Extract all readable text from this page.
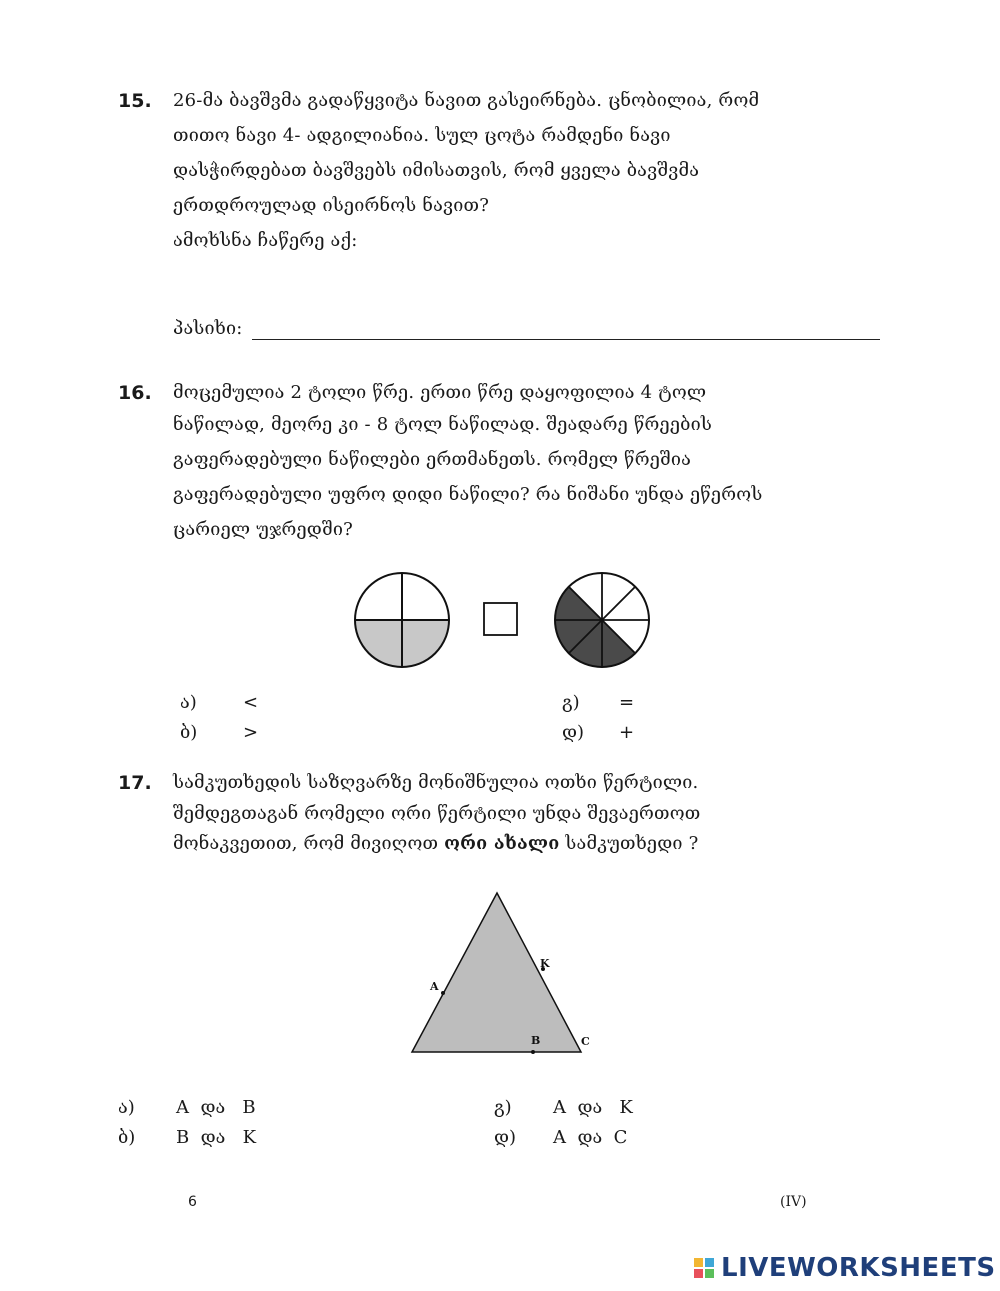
15. 26-მა ბავშვმა გადაწყვიტა ნავით გასეირნება. ცნობილია, რომ
თითო ნავი 4- ადგილიანია. სულ ცოტა რამდენი ნავი
დასჭირდებათ ბავშვებს იმისათვის, რომ ყველა ბავშვმა
ერთდროულად ისეირნოს ნავით?
ამოხსნა ჩაწერე აქ:
პასიხი:
16. მოცემულია 2 ტოლი წრე. ერთი წრე დაყოფილია 4 ტოლ
ნაწილად, მეორე კი - 8 ტოლ ნაწილად. შეადარე წრეების
გაფერადებული ნაწილები ერთმანეთს. რომელ წრეშია
გაფერადებული უფრო დიდი ნაწილი? რა ნიშანი უნდა ეწეროს
ცარიელ უჯრედში?
ა)	<
ბ)	>
გ) =
დ) +
17. სამკუთხედის საზღვარზე მონიშნულია ოთხი წერტილი.
შემდეგთაგან რომელი ორი წერტილი უნდა შევაერთოთ
მონაკვეთით, რომ მივიღოთ ორი ახალი სამკუთხედი ?
A
K
B	C
ა) A  და   B
ბ) B  და   K
გ) A  და   K
დ) A  და  C
6	(IV)

LIVEWORKSHEETS
